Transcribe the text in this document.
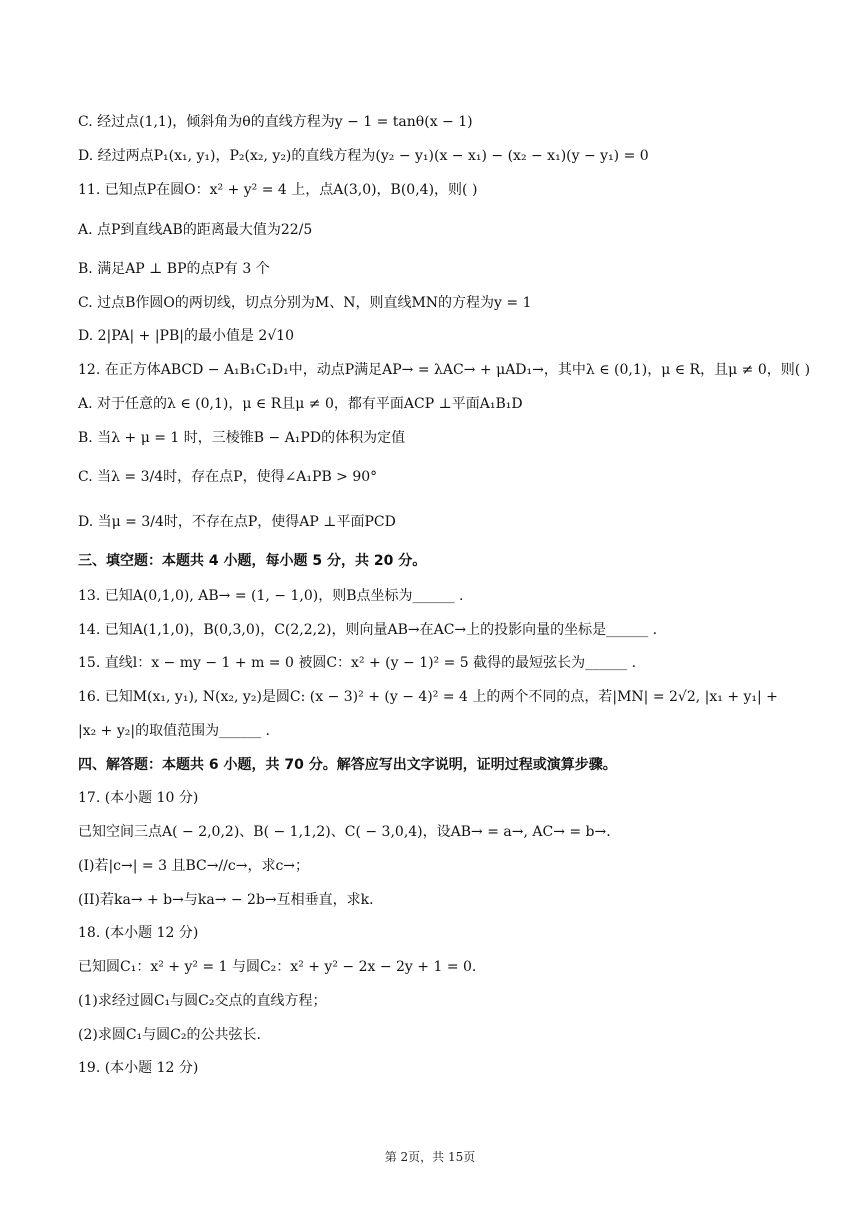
C. 经过点(1,1)，倾斜角为θ的直线方程为y − 1 = tanθ(x − 1)
D. 经过两点P₁(x₁, y₁)，P₂(x₂, y₂)的直线方程为(y₂ − y₁)(x − x₁) − (x₂ − x₁)(y − y₁) = 0
11. 已知点P在圆O：x² + y² = 4 上，点A(3,0)，B(0,4)，则( )
A. 点P到直线AB的距离最大值为22/5
B. 满足AP ⊥ BP的点P有 3 个
C. 过点B作圆O的两切线，切点分别为M、N，则直线MN的方程为y = 1
D. 2|PA| + |PB|的最小值是 2√10
12. 在正方体ABCD − A₁B₁C₁D₁中，动点P满足AP→ = λAC→ + μAD₁→，其中λ ∈ (0,1)，μ ∈ R，且μ ≠ 0，则( )
A. 对于任意的λ ∈ (0,1)，μ ∈ R且μ ≠ 0，都有平面ACP ⊥平面A₁B₁D
B. 当λ + μ = 1 时，三棱锥B − A₁PD的体积为定值
C. 当λ = 3/4时，存在点P，使得∠A₁PB > 90°
D. 当μ = 3/4时，不存在点P，使得AP ⊥平面PCD
三、填空题：本题共 4 小题，每小题 5 分，共 20 分。
13. 已知A(0,1,0), AB→ = (1, − 1,0)，则B点坐标为______ .
14. 已知A(1,1,0)，B(0,3,0)，C(2,2,2)，则向量AB→在AC→上的投影向量的坐标是______ .
15. 直线l：x − my − 1 + m = 0 被圆C：x² + (y − 1)² = 5 截得的最短弦长为______ .
16. 已知M(x₁, y₁), N(x₂, y₂)是圆C: (x − 3)² + (y − 4)² = 4 上的两个不同的点，若|MN| = 2√2, |x₁ + y₁| +
|x₂ + y₂|的取值范围为______ .
四、解答题：本题共 6 小题，共 70 分。解答应写出文字说明，证明过程或演算步骤。
17. (本小题 10 分)
已知空间三点A( − 2,0,2)、B( − 1,1,2)、C( − 3,0,4)，设AB→ = a→, AC→ = b→.
(I)若|c→| = 3 且BC→//c→，求c→；
(II)若ka→ + b→与ka→ − 2b→互相垂直，求k.
18. (本小题 12 分)
已知圆C₁：x² + y² = 1 与圆C₂：x² + y² − 2x − 2y + 1 = 0.
(1)求经过圆C₁与圆C₂交点的直线方程；
(2)求圆C₁与圆C₂的公共弦长.
19. (本小题 12 分)
第 2页，共 15页
